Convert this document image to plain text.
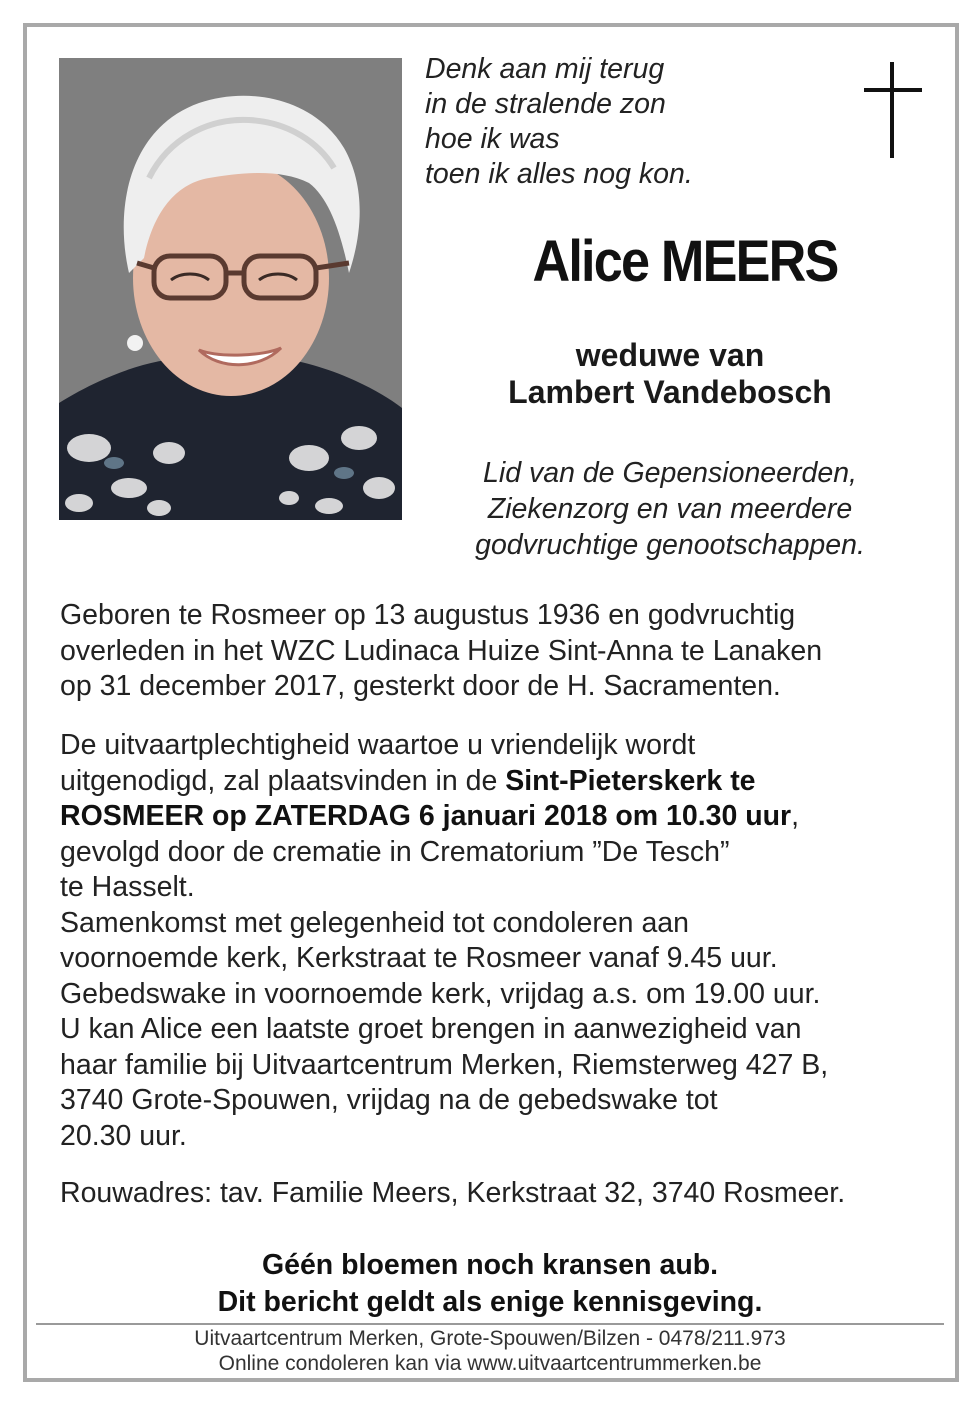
Denk aan mij terug
in de stralende zon
hoe ik was
toen ik alles nog kon.
Alice MEERS
weduwe van
Lambert Vandebosch
Lid van de Gepensioneerden,
Ziekenzorg en van meerdere
godvruchtige genootschappen.
Geboren te Rosmeer op 13 augustus 1936 en godvruchtig
overleden in het WZC Ludinaca Huize Sint-Anna te Lanaken
op 31 december 2017, gesterkt door de H. Sacramenten.
De uitvaartplechtigheid waartoe u vriendelijk wordt
uitgenodigd, zal plaatsvinden in de Sint-Pieterskerk te
ROSMEER op ZATERDAG 6 januari 2018 om 10.30 uur,
gevolgd door de crematie in Crematorium ”De Tesch”
te Hasselt.
Samenkomst met gelegenheid tot condoleren aan
voornoemde kerk, Kerkstraat te Rosmeer vanaf 9.45 uur.
Gebedswake in voornoemde kerk, vrijdag a.s. om 19.00 uur.
U kan Alice een laatste groet brengen in aanwezigheid van
haar familie bij Uitvaartcentrum Merken, Riemsterweg 427 B,
3740 Grote-Spouwen, vrijdag na de gebedswake tot
20.30 uur.
Rouwadres: tav. Familie Meers, Kerkstraat 32, 3740 Rosmeer.
Géén bloemen noch kransen aub.
Dit bericht geldt als enige kennisgeving.
Uitvaartcentrum Merken, Grote-Spouwen/Bilzen - 0478/211.973
Online condoleren kan via www.uitvaartcentrummerken.be
